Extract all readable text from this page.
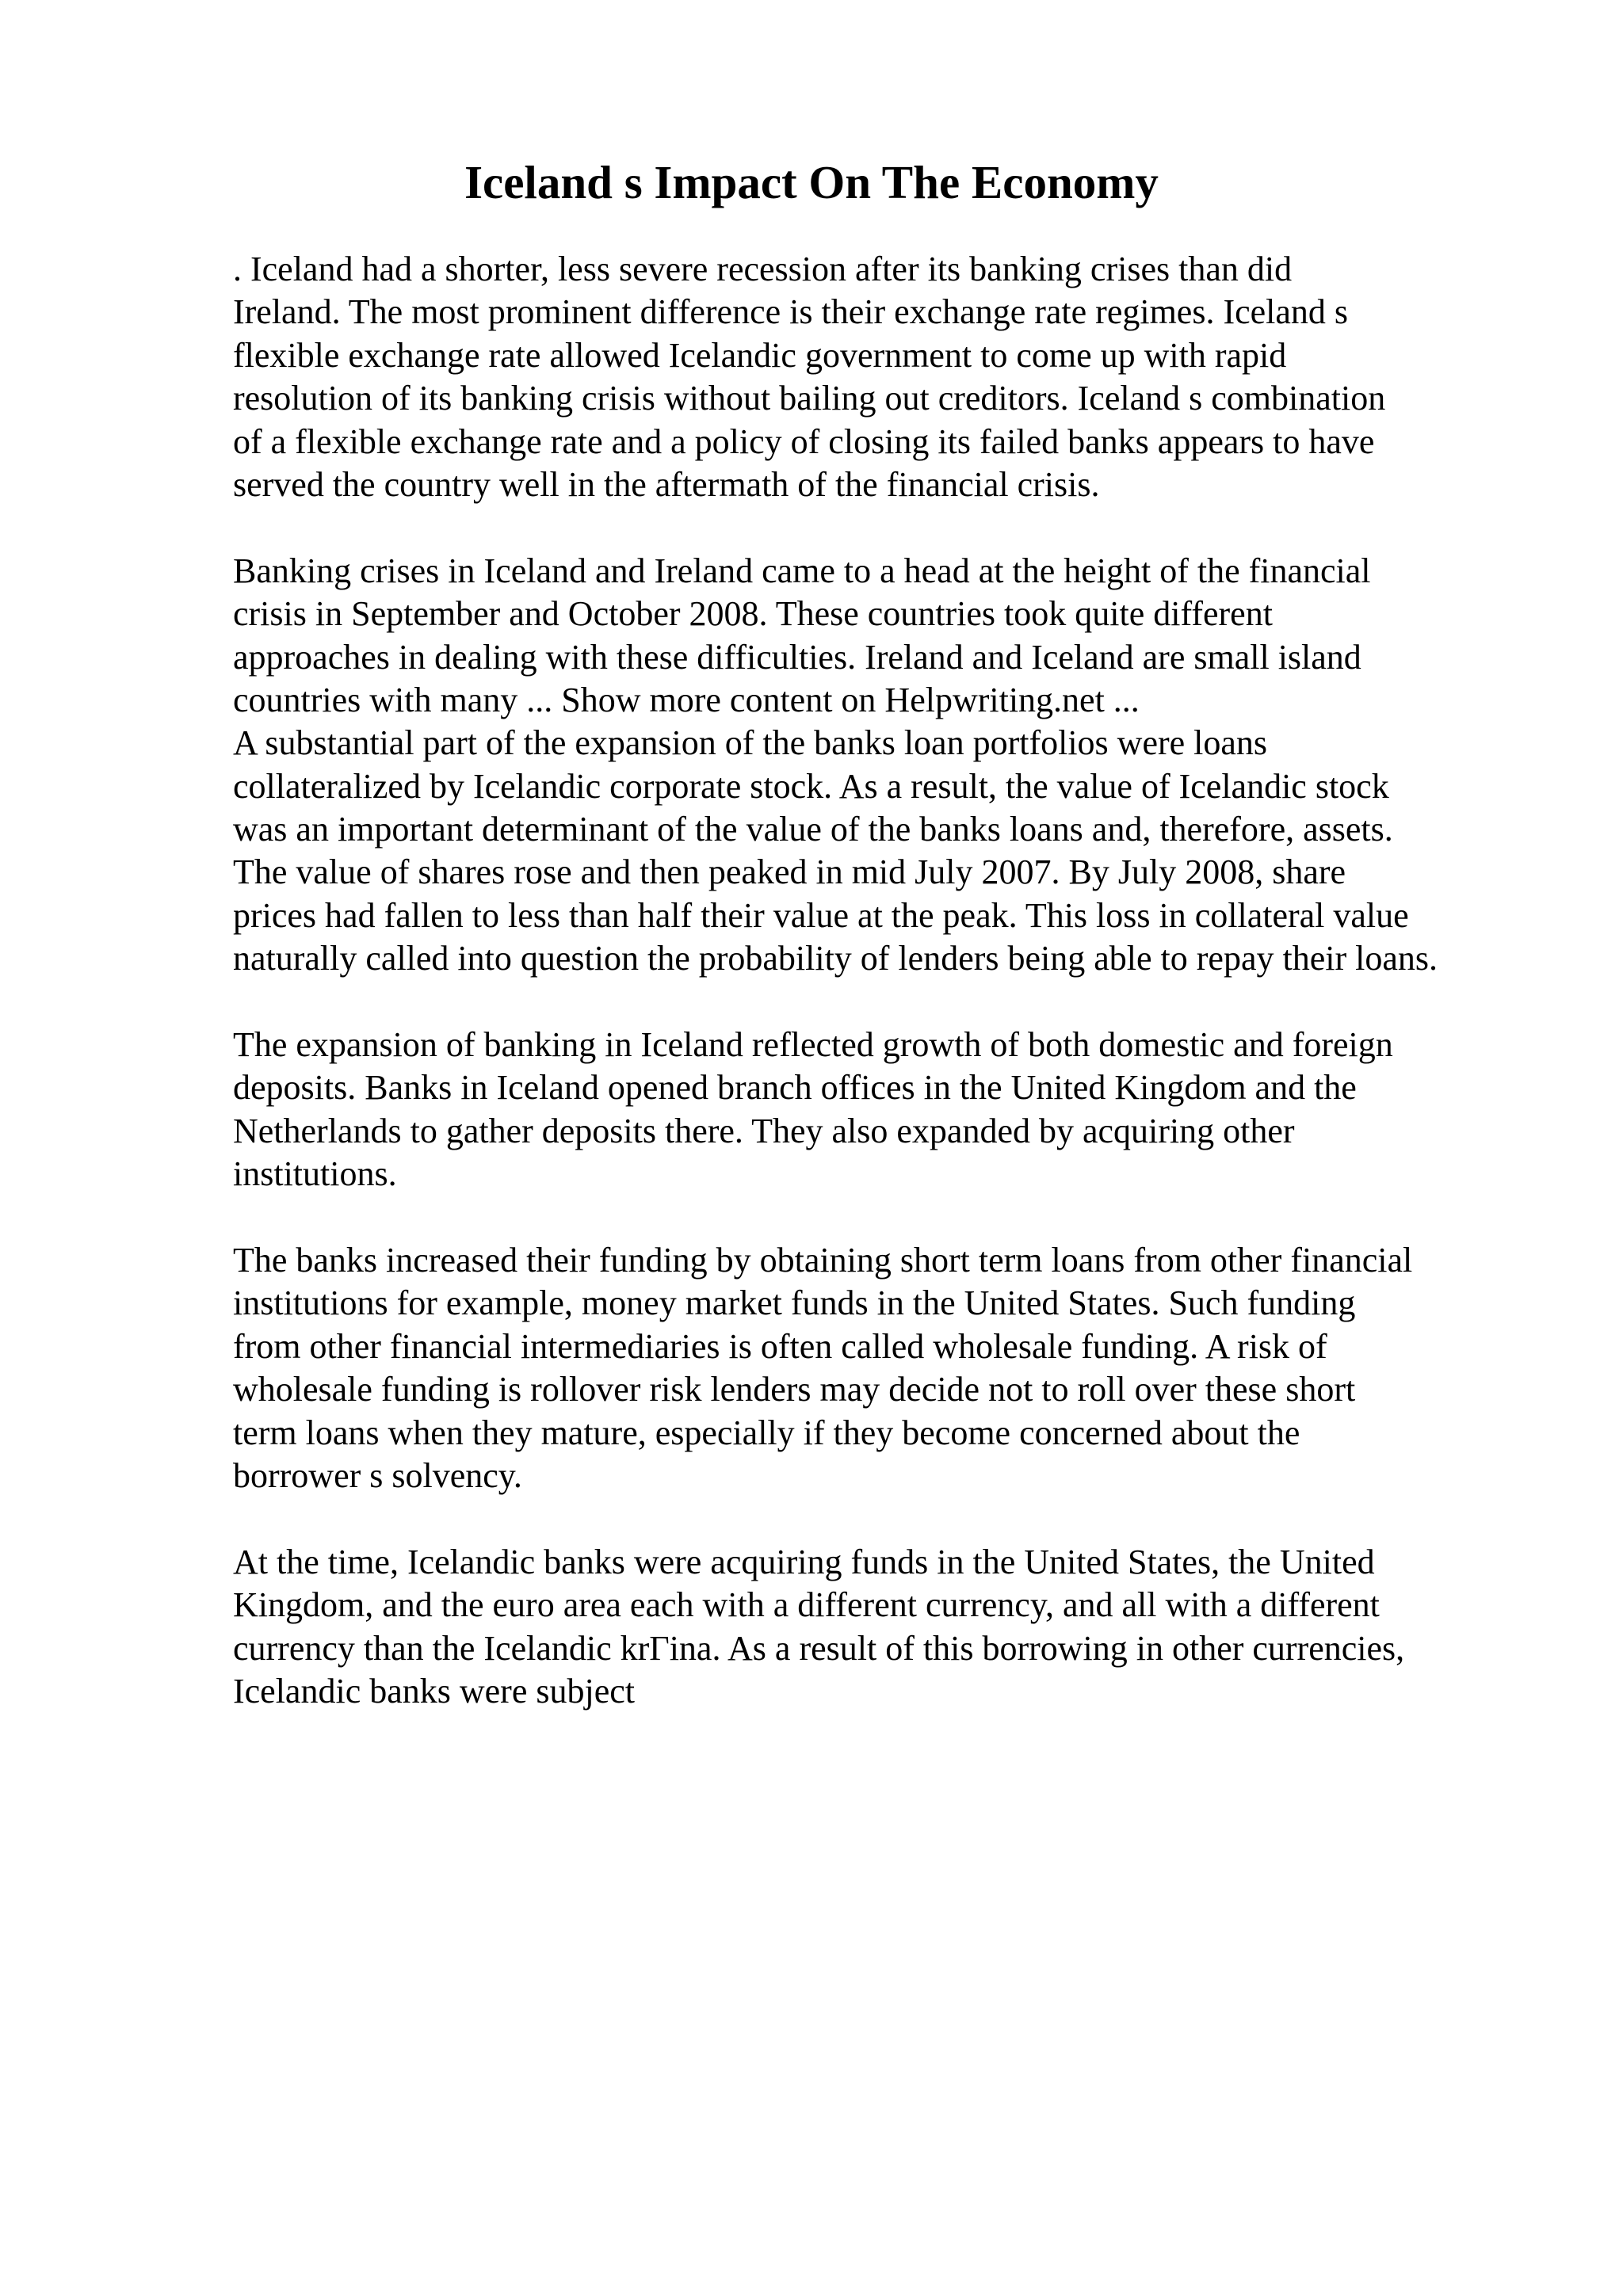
Iceland s Impact On The Economy
. Iceland had a shorter, less severe recession after its banking crises than did
Ireland. The most prominent difference is their exchange rate regimes. Iceland s
flexible exchange rate allowed Icelandic government to come up with rapid
resolution of its banking crisis without bailing out creditors. Iceland s combination
of a flexible exchange rate and a policy of closing its failed banks appears to have
served the country well in the aftermath of the financial crisis.
Banking crises in Iceland and Ireland came to a head at the height of the financial
crisis in September and October 2008. These countries took quite different
approaches in dealing with these difficulties. Ireland and Iceland are small island
countries with many ... Show more content on Helpwriting.net ...
A substantial part of the expansion of the banks loan portfolios were loans
collateralized by Icelandic corporate stock. As a result, the value of Icelandic stock
was an important determinant of the value of the banks loans and, therefore, assets.
The value of shares rose and then peaked in mid July 2007. By July 2008, share
prices had fallen to less than half their value at the peak. This loss in collateral value
naturally called into question the probability of lenders being able to repay their loans.
The expansion of banking in Iceland reflected growth of both domestic and foreign
deposits. Banks in Iceland opened branch offices in the United Kingdom and the
Netherlands to gather deposits there. They also expanded by acquiring other
institutions.
The banks increased their funding by obtaining short term loans from other financial
institutions for example, money market funds in the United States. Such funding
from other financial intermediaries is often called wholesale funding. A risk of
wholesale funding is rollover risk lenders may decide not to roll over these short
term loans when they mature, especially if they become concerned about the
borrower s solvency.
At the time, Icelandic banks were acquiring funds in the United States, the United
Kingdom, and the euro area each with a different currency, and all with a different
currency than the Icelandic krГina. As a result of this borrowing in other currencies,
Icelandic banks were subject
